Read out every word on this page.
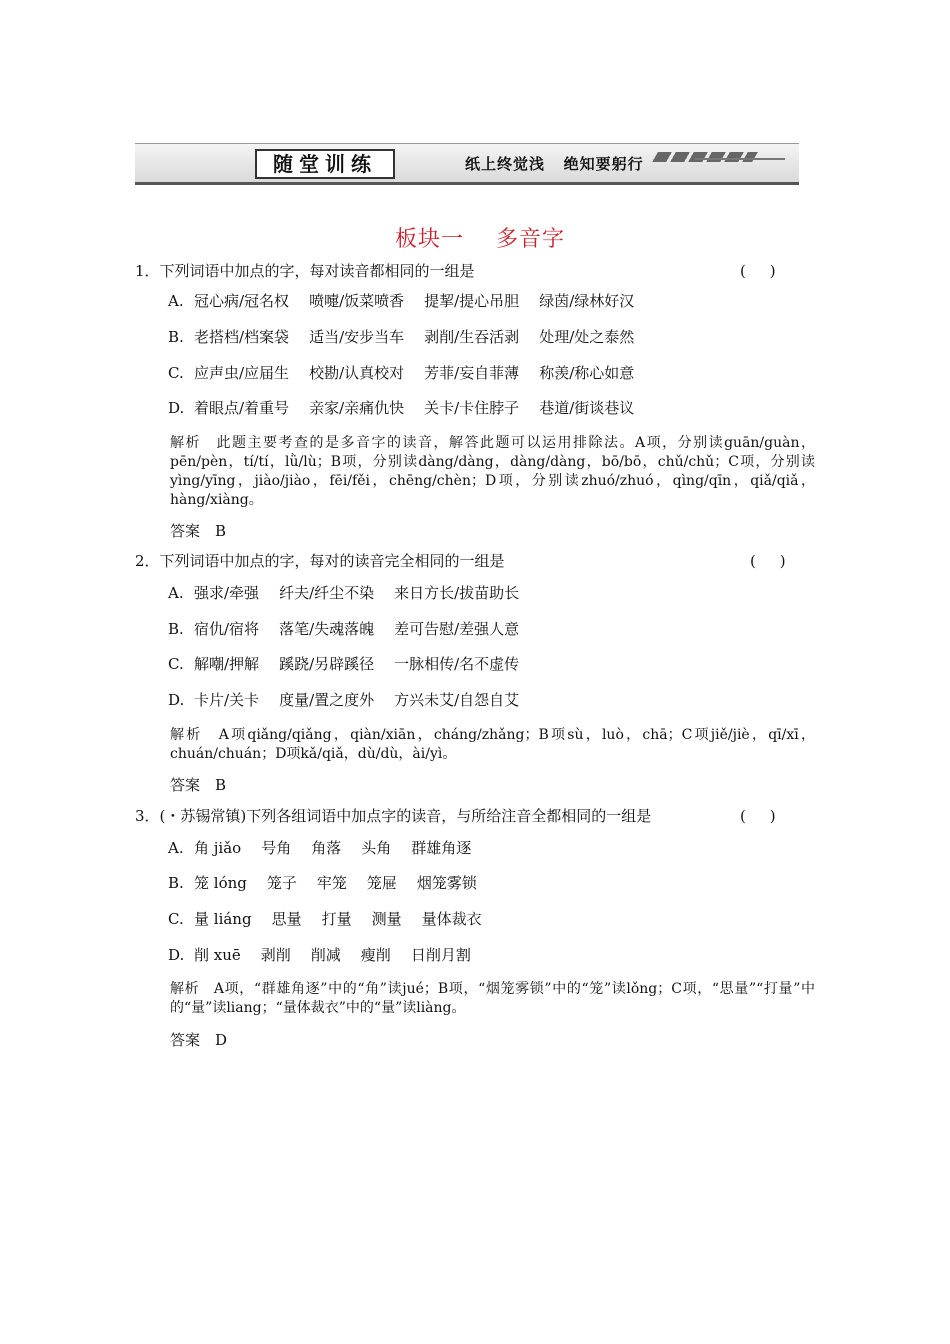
随堂训练	纸上终觉浅   绝知要躬行
板块一    多音字
1．下列词语中加点的字，每对读音都相同的一组是	(     )
A. 冠心病/冠名权 喷嚏/饭菜喷香 提挈/提心吊胆 绿茵/绿林好汉
B. 老搭档/档案袋 适当/安步当车 剥削/生吞活剥 处理/处之泰然
C. 应声虫/应届生 校勘/认真校对 芳菲/妄自菲薄 称羡/称心如意
D. 着眼点/着重号 亲家/亲痛仇快 关卡/卡住脖子 巷道/街谈巷议
解析　此题主要考查的是多音字的读音，解答此题可以运用排除法。A项，分别读guān/guàn，pēn/pèn，tí/tí，lǜ/lù；B项，分别读dàng/dàng，dàng/dàng，bō/bō，chǔ/chǔ；C项，分别读yìng/yīng，jiào/jiào，fēi/fěi，chēng/chèn；D项，分别读zhuó/zhuó，qìng/qīn，qiǎ/qiǎ，hàng/xiàng。
答案　B
2．下列词语中加点的字，每对的读音完全相同的一组是	(     )
A. 强求/牵强 纤夫/纤尘不染 来日方长/拔苗助长
B. 宿仇/宿将 落笔/失魂落魄 差可告慰/差强人意
C. 解嘲/押解 蹊跷/另辟蹊径 一脉相传/名不虚传
D. 卡片/关卡 度量/置之度外 方兴未艾/自怨自艾
解析　A项qiǎng/qiǎng，qiàn/xiān，cháng/zhǎng；B项sù，luò，chā；C项jiě/jiè，qī/xī，chuán/chuán；D项kǎ/qiǎ，dù/dù，ài/yì。
答案　B
3．(・苏锡常镇)下列各组词语中加点字的读音，与所给注音全都相同的一组是	(     )
A. 角 jiǎo 号角 角落 头角 群雄角逐
B. 笼 lóng 笼子 牢笼 笼屉 烟笼雾锁
C. 量 liáng 思量 打量 测量 量体裁衣
D. 削 xuē 剥削 削减 瘦削 日削月割
解析　A项，“群雄角逐”中的“角”读jué；B项，“烟笼雾锁”中的“笼”读lǒng；C项，“思量”“打量”中的“量”读liang；“量体裁衣”中的“量”读liàng。
答案　D
